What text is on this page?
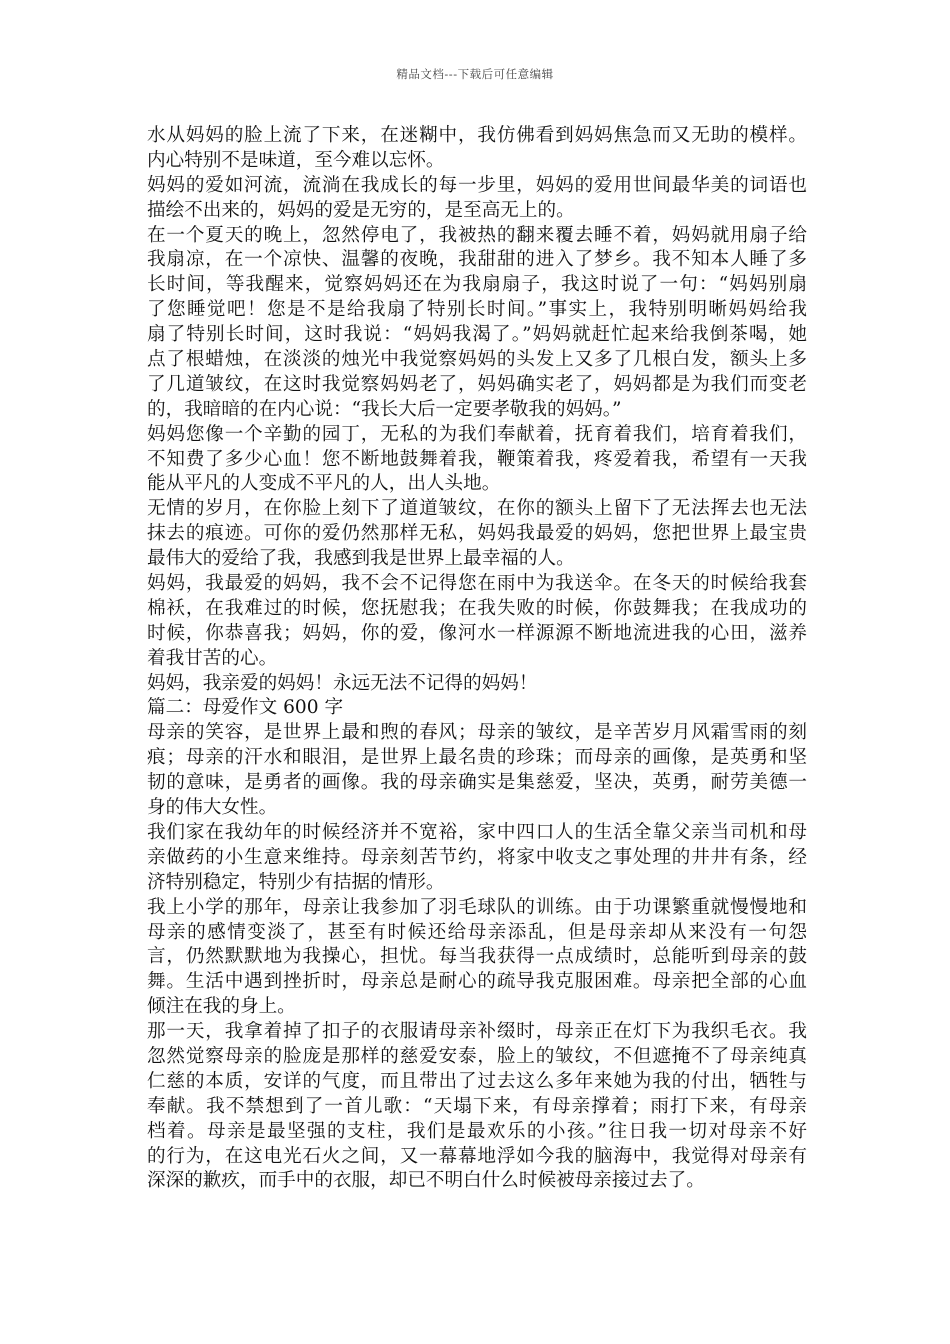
精品文档---下载后可任意编辑
水从妈妈的脸上流了下来，在迷糊中，我仿佛看到妈妈焦急而又无助的模样。
内心特别不是味道，至今难以忘怀。
妈妈的爱如河流，流淌在我成长的每一步里，妈妈的爱用世间最华美的词语也
描绘不出来的，妈妈的爱是无穷的，是至高无上的。
在一个夏天的晚上，忽然停电了，我被热的翻来覆去睡不着，妈妈就用扇子给
我扇凉，在一个凉快、温馨的夜晚，我甜甜的进入了梦乡。我不知本人睡了多
长时间，等我醒来，觉察妈妈还在为我扇扇子，我这时说了一句：“妈妈别扇
了您睡觉吧！您是不是给我扇了特别长时间。”事实上，我特别明晰妈妈给我
扇了特别长时间，这时我说：“妈妈我渴了。”妈妈就赶忙起来给我倒茶喝，她
点了根蜡烛，在淡淡的烛光中我觉察妈妈的头发上又多了几根白发，额头上多
了几道皱纹，在这时我觉察妈妈老了，妈妈确实老了，妈妈都是为我们而变老
的，我暗暗的在内心说：“我长大后一定要孝敬我的妈妈。”
妈妈您像一个辛勤的园丁，无私的为我们奉献着，抚育着我们，培育着我们，
不知费了多少心血！您不断地鼓舞着我，鞭策着我，疼爱着我，希望有一天我
能从平凡的人变成不平凡的人，出人头地。
无情的岁月，在你脸上刻下了道道皱纹，在你的额头上留下了无法挥去也无法
抹去的痕迹。可你的爱仍然那样无私，妈妈我最爱的妈妈，您把世界上最宝贵
最伟大的爱给了我，我感到我是世界上最幸福的人。
妈妈，我最爱的妈妈，我不会不记得您在雨中为我送伞。在冬天的时候给我套
棉袄，在我难过的时候，您抚慰我；在我失败的时候，你鼓舞我；在我成功的
时候，你恭喜我；妈妈，你的爱，像河水一样源源不断地流进我的心田，滋养
着我甘苦的心。
妈妈，我亲爱的妈妈！永远无法不记得的妈妈！
篇二：母爱作文 600 字
母亲的笑容，是世界上最和煦的春风；母亲的皱纹，是辛苦岁月风霜雪雨的刻
痕；母亲的汗水和眼泪，是世界上最名贵的珍珠；而母亲的画像，是英勇和坚
韧的意味，是勇者的画像。我的母亲确实是集慈爱，坚决，英勇，耐劳美德一
身的伟大女性。
我们家在我幼年的时候经济并不宽裕，家中四口人的生活全靠父亲当司机和母
亲做药的小生意来维持。母亲刻苦节约，将家中收支之事处理的井井有条，经
济特别稳定，特别少有拮据的情形。
我上小学的那年，母亲让我参加了羽毛球队的训练。由于功课繁重就慢慢地和
母亲的感情变淡了，甚至有时候还给母亲添乱，但是母亲却从来没有一句怨
言，仍然默默地为我操心，担忧。每当我获得一点成绩时，总能听到母亲的鼓
舞。生活中遇到挫折时，母亲总是耐心的疏导我克服困难。母亲把全部的心血
倾注在我的身上。
那一天，我拿着掉了扣子的衣服请母亲补缀时，母亲正在灯下为我织毛衣。我
忽然觉察母亲的脸庞是那样的慈爱安泰，脸上的皱纹，不但遮掩不了母亲纯真
仁慈的本质，安详的气度，而且带出了过去这么多年来她为我的付出，牺牲与
奉献。我不禁想到了一首儿歌：“天塌下来，有母亲撑着；雨打下来，有母亲
档着。母亲是最坚强的支柱，我们是最欢乐的小孩。”往日我一切对母亲不好
的行为，在这电光石火之间，又一幕幕地浮如今我的脑海中，我觉得对母亲有
深深的歉疚，而手中的衣服，却已不明白什么时候被母亲接过去了。
